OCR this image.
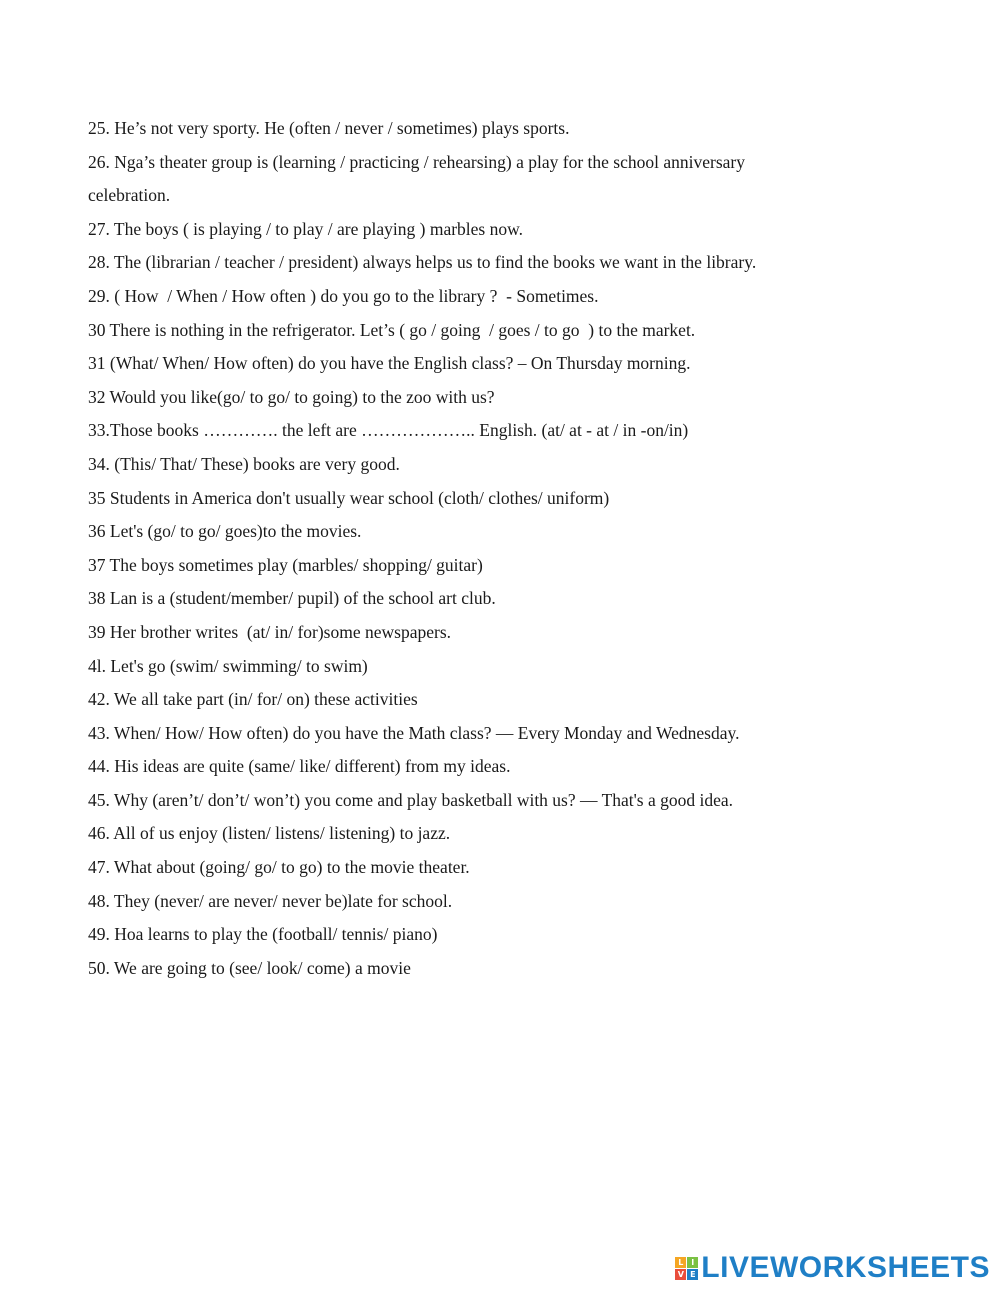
25. He’s not very sporty. He (often / never / sometimes) plays sports.
26. Nga’s theater group is (learning / practicing / rehearsing) a play for the school anniversary
celebration.
27. The boys ( is playing / to play / are playing ) marbles now.
28. The (librarian / teacher / president) always helps us to find the books we want in the library.
29. ( How  / When / How often ) do you go to the library ?  - Sometimes.
30 There is nothing in the refrigerator. Let’s ( go / going  / goes / to go  ) to the market.
31 (What/ When/ How often) do you have the English class? – On Thursday morning.
32 Would you like(go/ to go/ to going) to the zoo with us?
33.Those books …………. the left are ……………….. English. (at/ at - at / in -on/in)
34. (This/ That/ These) books are very good.
35 Students in America don't usually wear school (cloth/ clothes/ uniform)
36 Let's (go/ to go/ goes)to the movies.
37 The boys sometimes play (marbles/ shopping/ guitar)
38 Lan is a (student/member/ pupil) of the school art club.
39 Her brother writes  (at/ in/ for)some newspapers.
4l. Let's go (swim/ swimming/ to swim)
42. We all take part (in/ for/ on) these activities
43. When/ How/ How often) do you have the Math class? — Every Monday and Wednesday.
44. His ideas are quite (same/ like/ different) from my ideas.
45. Why (aren’t/ don’t/ won’t) you come and play basketball with us? — That's a good idea.
46. All of us enjoy (listen/ listens/ listening) to jazz.
47. What about (going/ go/ to go) to the movie theater.
48. They (never/ are never/ never be)late for school.
49. Hoa learns to play the (football/ tennis/ piano)
50. We are going to (see/ look/ come) a movie
L I
V E LIVEWORKSHEETS
